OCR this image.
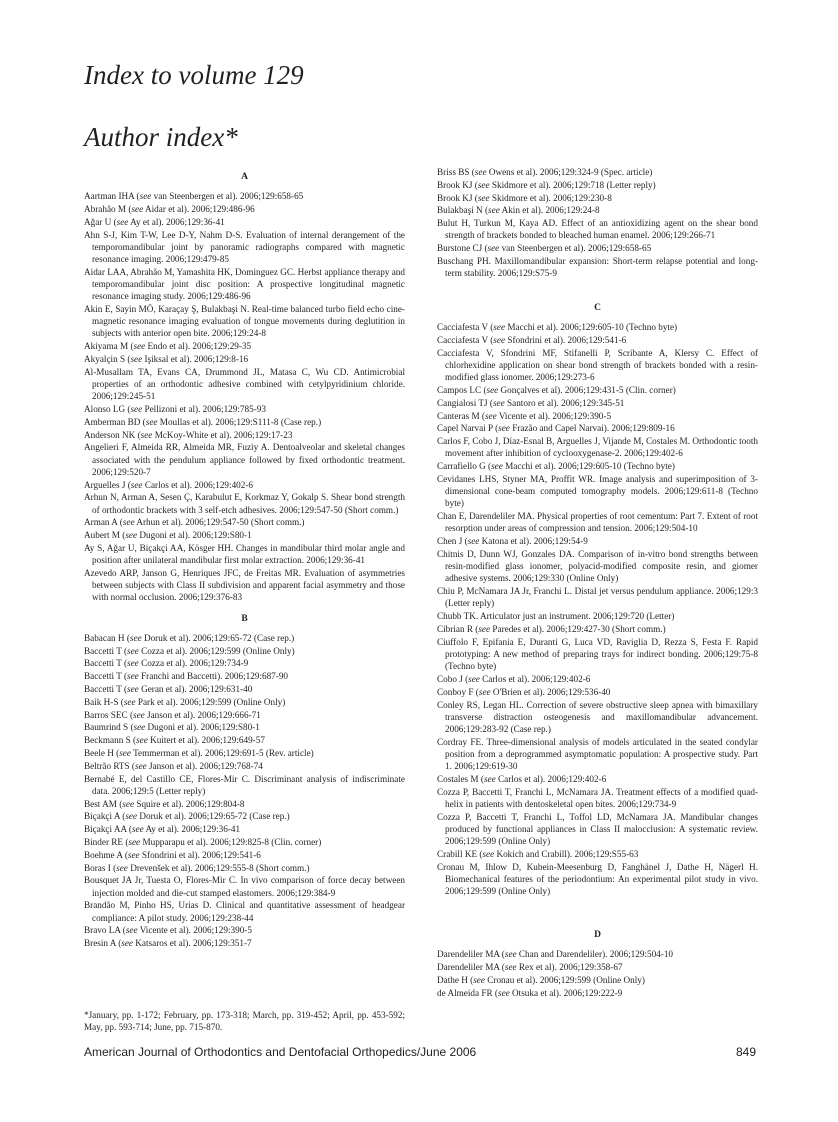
Index to volume 129
Author index*
A
Aartman IHA (see van Steenbergen et al). 2006;129:658-65
Abrahão M (see Aidar et al). 2006;129:486-96
Ağar U (see Ay et al). 2006;129:36-41
Ahn S-J, Kim T-W, Lee D-Y, Nahm D-S. Evaluation of internal derangement of the temporomandibular joint by panoramic radiographs compared with magnetic resonance imaging. 2006;129:479-85
Aidar LAA, Abrahão M, Yamashita HK, Dominguez GC. Herbst appliance therapy and temporomandibular joint disc position: A prospective longitudinal magnetic resonance imaging study. 2006;129:486-96
Akin E, Sayin MÖ, Karaçay Ş, Bulakbaşi N. Real-time balanced turbo field echo cine-magnetic resonance imaging evaluation of tongue movements during deglutition in subjects with anterior open bite. 2006;129:24-8
Akiyama M (see Endo et al). 2006;129:29-35
Akyalçin S (see Işiksal et al). 2006;129:8-16
Al-Musallam TA, Evans CA, Drummond JL, Matasa C, Wu CD. Antimicrobial properties of an orthodontic adhesive combined with cetylpyridinium chloride. 2006;129:245-51
Alonso LG (see Pellizoni et al). 2006;129:785-93
Amberman BD (see Moullas et al). 2006;129:S111-8 (Case rep.)
Anderson NK (see McKoy-White et al). 2006;129:17-23
Angelieri F, Almeida RR, Almeida MR, Fuziy A. Dentoalveolar and skeletal changes associated with the pendulum appliance followed by fixed orthodontic treatment. 2006;129:520-7
Arguelles J (see Carlos et al). 2006;129:402-6
Arhun N, Arman A, Sesen Ç, Karabulut E, Korkmaz Y, Gokalp S. Shear bond strength of orthodontic brackets with 3 self-etch adhesives. 2006;129:547-50 (Short comm.)
Arman A (see Arhun et al). 2006;129:547-50 (Short comm.)
Aubert M (see Dugoni et al). 2006;129:S80-1
Ay S, Ağar U, Biçakçi AA, Kösger HH. Changes in mandibular third molar angle and position after unilateral mandibular first molar extraction. 2006;129:36-41
Azevedo ARP, Janson G, Henriques JFC, de Freitas MR. Evaluation of asymmetries between subjects with Class II subdivision and apparent facial asymmetry and those with normal occlusion. 2006;129:376-83
B
Babacan H (see Doruk et al). 2006;129:65-72 (Case rep.)
Baccetti T (see Cozza et al). 2006;129:599 (Online Only)
Baccetti T (see Cozza et al). 2006;129:734-9
Baccetti T (see Franchi and Baccetti). 2006;129:687-90
Baccetti T (see Geran et al). 2006;129:631-40
Baik H-S (see Park et al). 2006;129:599 (Online Only)
Barros SEC (see Janson et al). 2006;129:666-71
Baumrind S (see Dugoni et al). 2006;129:S80-1
Beckmann S (see Kuitert et al). 2006;129:649-57
Beele H (see Temmerman et al). 2006;129:691-5 (Rev. article)
Beltrão RTS (see Janson et al). 2006;129:768-74
Bernabé E, del Castillo CE, Flores-Mir C. Discriminant analysis of indiscriminate data. 2006;129:5 (Letter reply)
Best AM (see Squire et al). 2006;129:804-8
Biçakçi A (see Doruk et al). 2006;129:65-72 (Case rep.)
Biçakçi AA (see Ay et al). 2006;129:36-41
Binder RE (see Mupparapu et al). 2006;129:825-8 (Clin. corner)
Boehme A (see Sfondrini et al). 2006;129:541-6
Boras I (see Drevenšek et al). 2006;129:555-8 (Short comm.)
Bousquet JA Jr, Tuesta O, Flores-Mir C. In vivo comparison of force decay between injection molded and die-cut stamped elastomers. 2006;129:384-9
Brandão M, Pinho HS, Urias D. Clinical and quantitative assessment of headgear compliance: A pilot study. 2006;129:238-44
Bravo LA (see Vicente et al). 2006;129:390-5
Bresin A (see Katsaros et al). 2006;129:351-7
Briss BS (see Owens et al). 2006;129:324-9 (Spec. article)
Brook KJ (see Skidmore et al). 2006;129:718 (Letter reply)
Brook KJ (see Skidmore et al). 2006;129:230-8
Bulakbaşi N (see Akin et al). 2006;129:24-8
Bulut H, Turkun M, Kaya AD. Effect of an antioxidizing agent on the shear bond strength of brackets bonded to bleached human enamel. 2006;129:266-71
Burstone CJ (see van Steenbergen et al). 2006;129:658-65
Buschang PH. Maxillomandibular expansion: Short-term relapse potential and long-term stability. 2006;129:S75-9
C
Cacciafesta V (see Macchi et al). 2006;129:605-10 (Techno byte)
Cacciafesta V (see Sfondrini et al). 2006;129:541-6
Cacciafesta V, Sfondrini MF, Stifanelli P, Scribante A, Klersy C. Effect of chlorhexidine application on shear bond strength of brackets bonded with a resin-modified glass ionomer. 2006;129:273-6
Campos LC (see Gonçalves et al). 2006;129:431-5 (Clin. corner)
Cangialosi TJ (see Santoro et al). 2006;129:345-51
Canteras M (see Vicente et al). 2006;129:390-5
Capel Narvai P (see Frazão and Capel Narvai). 2006;129:809-16
Carlos F, Cobo J, Díaz-Esnal B, Arguelles J, Vijande M, Costales M. Orthodontic tooth movement after inhibition of cyclooxygenase-2. 2006;129:402-6
Carrafiello G (see Macchi et al). 2006;129:605-10 (Techno byte)
Cevidanes LHS, Styner MA, Proffit WR. Image analysis and superimposition of 3-dimensional cone-beam computed tomography models. 2006;129:611-8 (Techno byte)
Chan E, Darendeliler MA. Physical properties of root cementum: Part 7. Extent of root resorption under areas of compression and tension. 2006;129:504-10
Chen J (see Katona et al). 2006;129:54-9
Chitnis D, Dunn WJ, Gonzales DA. Comparison of in-vitro bond strengths between resin-modified glass ionomer, polyacid-modified composite resin, and giomer adhesive systems. 2006;129:330 (Online Only)
Chiu P, McNamara JA Jr, Franchi L. Distal jet versus pendulum appliance. 2006;129:3 (Letter reply)
Chubb TK. Articulator just an instrument. 2006;129:720 (Letter)
Cibrian R (see Paredes et al). 2006;129:427-30 (Short comm.)
Ciuffolo F, Epifania E, Duranti G, Luca VD, Raviglia D, Rezza S, Festa F. Rapid prototyping: A new method of preparing trays for indirect bonding. 2006;129:75-8 (Techno byte)
Cobo J (see Carlos et al). 2006;129:402-6
Conboy F (see O'Brien et al). 2006;129:536-40
Conley RS, Legan HL. Correction of severe obstructive sleep apnea with bimaxillary transverse distraction osteogenesis and maxillomandibular advancement. 2006;129:283-92 (Case rep.)
Cordray FE. Three-dimensional analysis of models articulated in the seated condylar position from a deprogrammed asymptomatic population: A prospective study. Part 1. 2006;129:619-30
Costales M (see Carlos et al). 2006;129:402-6
Cozza P, Baccetti T, Franchi L, McNamara JA. Treatment effects of a modified quad-helix in patients with dentoskeletal open bites. 2006;129:734-9
Cozza P, Baccetti T, Franchi L, Toffol LD, McNamara JA. Mandibular changes produced by functional appliances in Class II malocclusion: A systematic review. 2006;129:599 (Online Only)
Crabill KE (see Kokich and Crabill). 2006;129:S55-63
Cronau M, Ihlow D, Kubein-Meesenburg D, Fanghänel J, Dathe H, Nägerl H. Biomechanical features of the periodontium: An experimental pilot study in vivo. 2006;129:599 (Online Only)
D
Darendeliler MA (see Chan and Darendeliler). 2006;129:504-10
Darendeliler MA (see Rex et al). 2006;129:358-67
Dathe H (see Cronau et al). 2006;129:599 (Online Only)
de Almeida FR (see Otsuka et al). 2006;129:222-9
*January, pp. 1-172; February, pp. 173-318; March, pp. 319-452; April, pp. 453-592; May, pp. 593-714; June, pp. 715-870.
American Journal of Orthodontics and Dentofacial Orthopedics/June 2006	849
